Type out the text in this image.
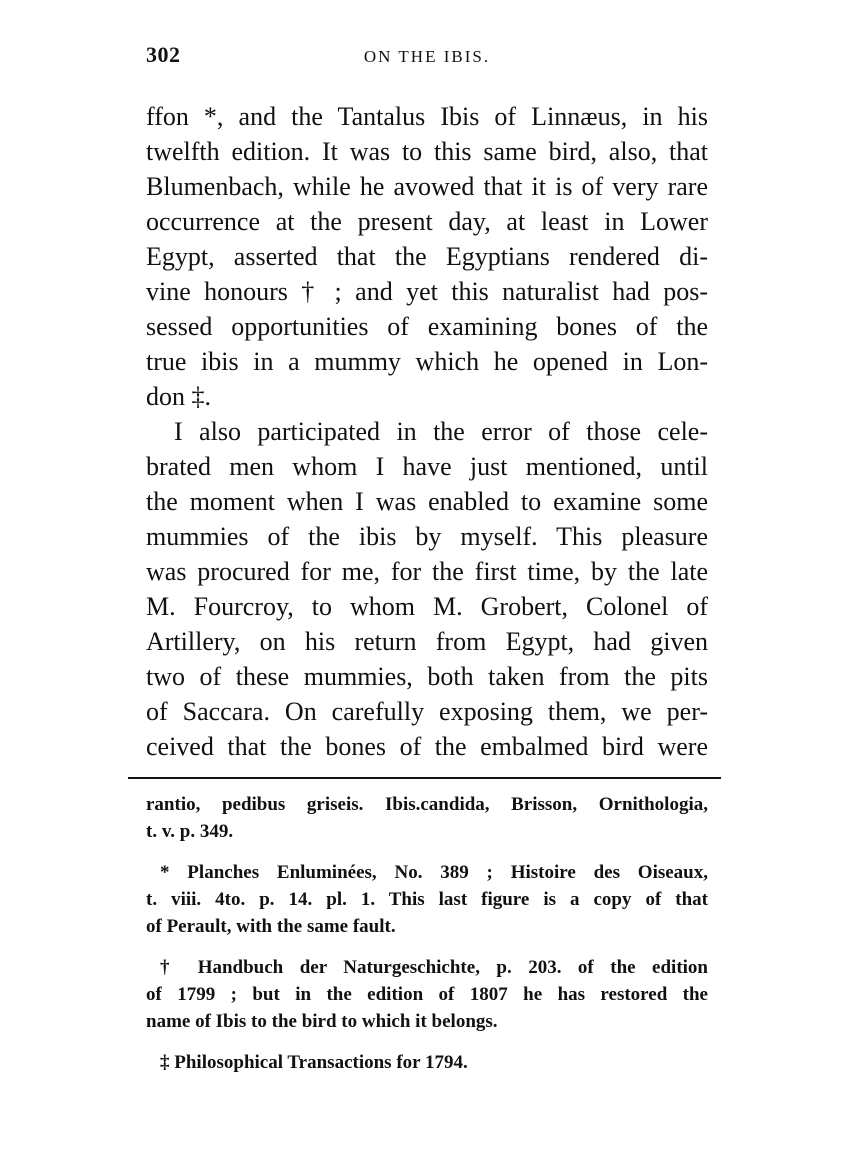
302	ON THE IBIS.
ffon *, and the Tantalus Ibis of Linnæus, in his
twelfth edition. It was to this same bird, also, that
Blumenbach, while he avowed that it is of very rare
occurrence at the present day, at least in Lower
Egypt, asserted that the Egyptians rendered di-
vine honours † ; and yet this naturalist had pos-
sessed opportunities of examining bones of the
true ibis in a mummy which he opened in Lon-
don ‡.
I also participated in the error of those cele-
brated men whom I have just mentioned, until
the moment when I was enabled to examine some
mummies of the ibis by myself. This pleasure
was procured for me, for the first time, by the late
M. Fourcroy, to whom M. Grobert, Colonel of
Artillery, on his return from Egypt, had given
two of these mummies, both taken from the pits
of Saccara. On carefully exposing them, we per-
ceived that the bones of the embalmed bird were
rantio, pedibus griseis. Ibis.candida, Brisson, Ornithologia,
t. v. p. 349.
* Planches Enluminées, No. 389 ; Histoire des Oiseaux,
t. viii. 4to. p. 14. pl. 1. This last figure is a copy of that
of Perault, with the same fault.
† Handbuch der Naturgeschichte, p. 203. of the edition
of 1799 ; but in the edition of 1807 he has restored the
name of Ibis to the bird to which it belongs.
‡ Philosophical Transactions for 1794.
